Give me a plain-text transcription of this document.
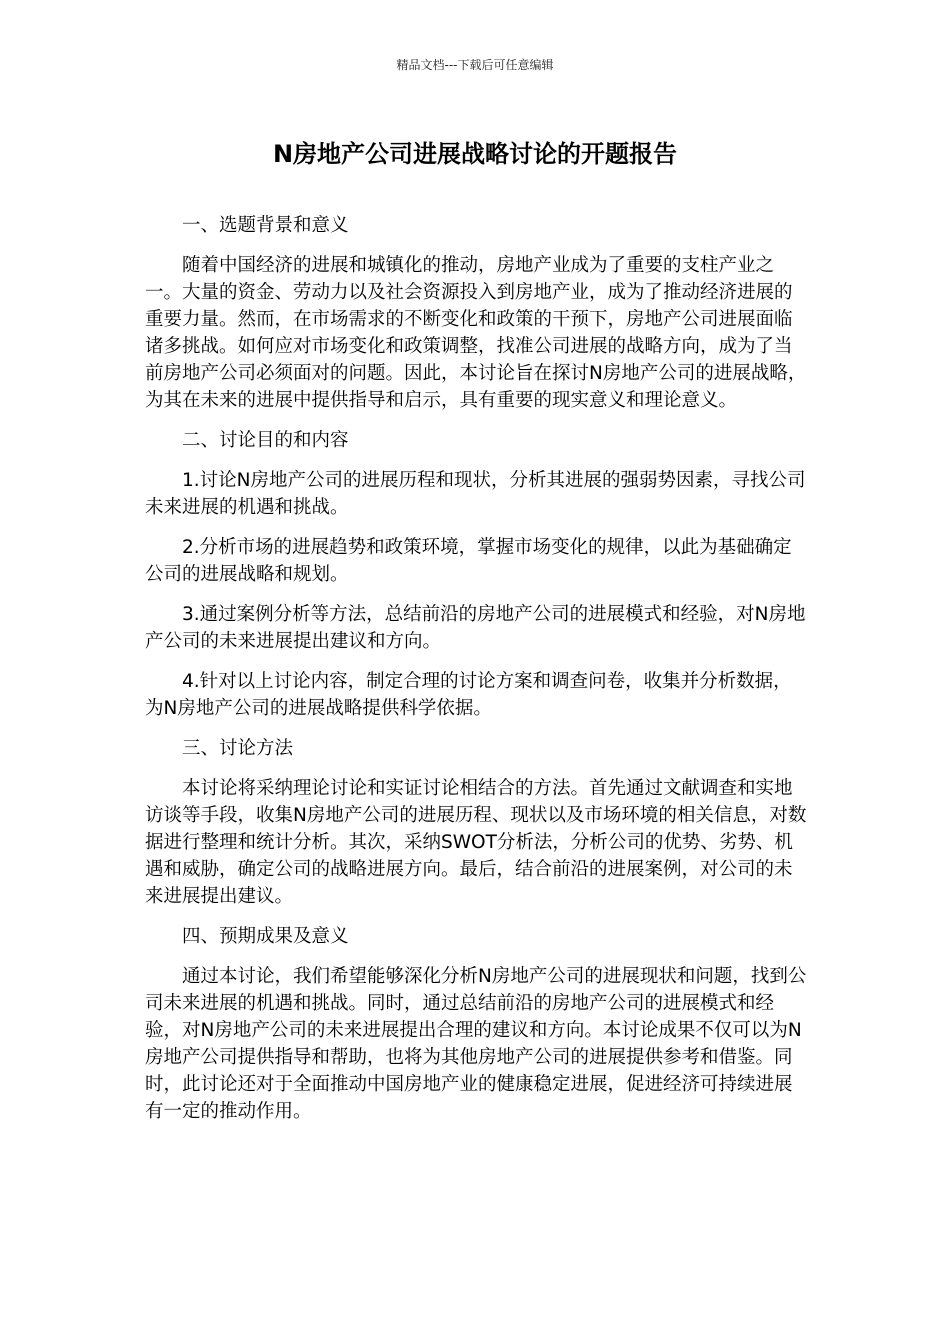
精品文档---下载后可任意编辑
N房地产公司进展战略讨论的开题报告

一、选题背景和意义

随着中国经济的进展和城镇化的推动，房地产业成为了重要的支柱产业之一。大量的资金、劳动力以及社会资源投入到房地产业，成为了推动经济进展的重要力量。然而，在市场需求的不断变化和政策的干预下，房地产公司进展面临诸多挑战。如何应对市场变化和政策调整，找准公司进展的战略方向，成为了当前房地产公司必须面对的问题。因此，本讨论旨在探讨N房地产公司的进展战略，为其在未来的进展中提供指导和启示，具有重要的现实意义和理论意义。

二、讨论目的和内容

1.讨论N房地产公司的进展历程和现状，分析其进展的强弱势因素，寻找公司未来进展的机遇和挑战。

2.分析市场的进展趋势和政策环境，掌握市场变化的规律，以此为基础确定公司的进展战略和规划。

3.通过案例分析等方法，总结前沿的房地产公司的进展模式和经验，对N房地产公司的未来进展提出建议和方向。

4.针对以上讨论内容，制定合理的讨论方案和调查问卷，收集并分析数据，为N房地产公司的进展战略提供科学依据。

三、讨论方法

本讨论将采纳理论讨论和实证讨论相结合的方法。首先通过文献调查和实地访谈等手段，收集N房地产公司的进展历程、现状以及市场环境的相关信息，对数据进行整理和统计分析。其次，采纳SWOT分析法，分析公司的优势、劣势、机遇和威胁，确定公司的战略进展方向。最后，结合前沿的进展案例，对公司的未来进展提出建议。

四、预期成果及意义

通过本讨论，我们希望能够深化分析N房地产公司的进展现状和问题，找到公司未来进展的机遇和挑战。同时，通过总结前沿的房地产公司的进展模式和经验，对N房地产公司的未来进展提出合理的建议和方向。本讨论成果不仅可以为N房地产公司提供指导和帮助，也将为其他房地产公司的进展提供参考和借鉴。同时，此讨论还对于全面推动中国房地产业的健康稳定进展，促进经济可持续进展有一定的推动作用。
